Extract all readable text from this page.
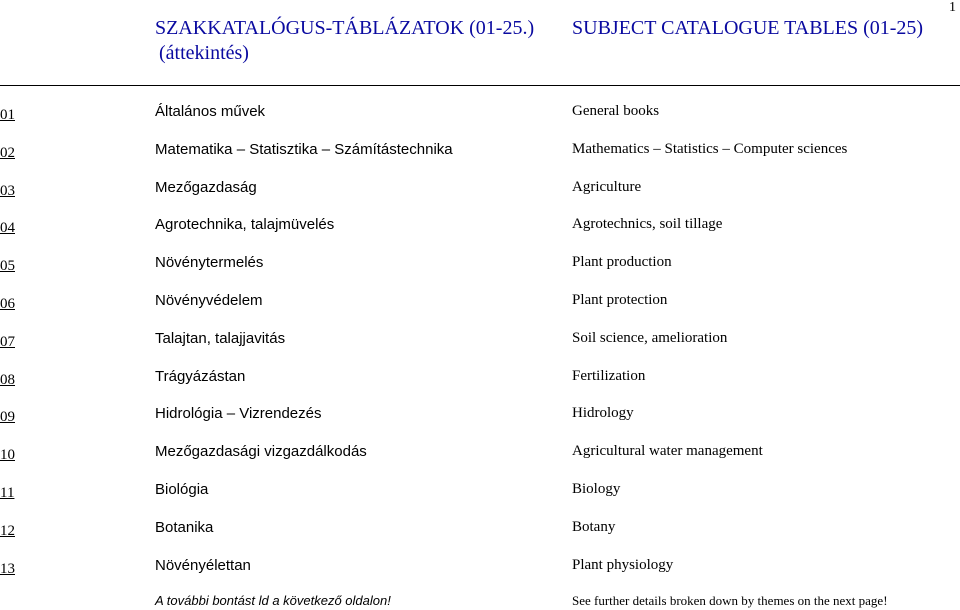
1
SZAKKATALÓGUS-TÁBLÁZATOK (01-25.)
(áttekintés)
SUBJECT CATALOGUE TABLES (01-25)
01	Általános művek	General books
02	Matematika – Statisztika – Számítástechnika	Mathematics – Statistics – Computer sciences
03	Mezőgazdaság	Agriculture
04	Agrotechnika, talajmüvelés	Agrotechnics, soil tillage
05	Növénytermelés	Plant production
06	Növényvédelem	Plant protection
07	Talajtan, talajjavitás	Soil science, amelioration
08	Trágyázástan	Fertilization
09	Hidrológia – Vizrendezés	Hidrology
10	Mezőgazdasági vizgazdálkodás	Agricultural water management
11	Biológia	Biology
12	Botanika	Botany
13	Növényélettan	Plant physiology
A további bontást ld a következő oldalon!	See further details broken down by themes on the next page!
